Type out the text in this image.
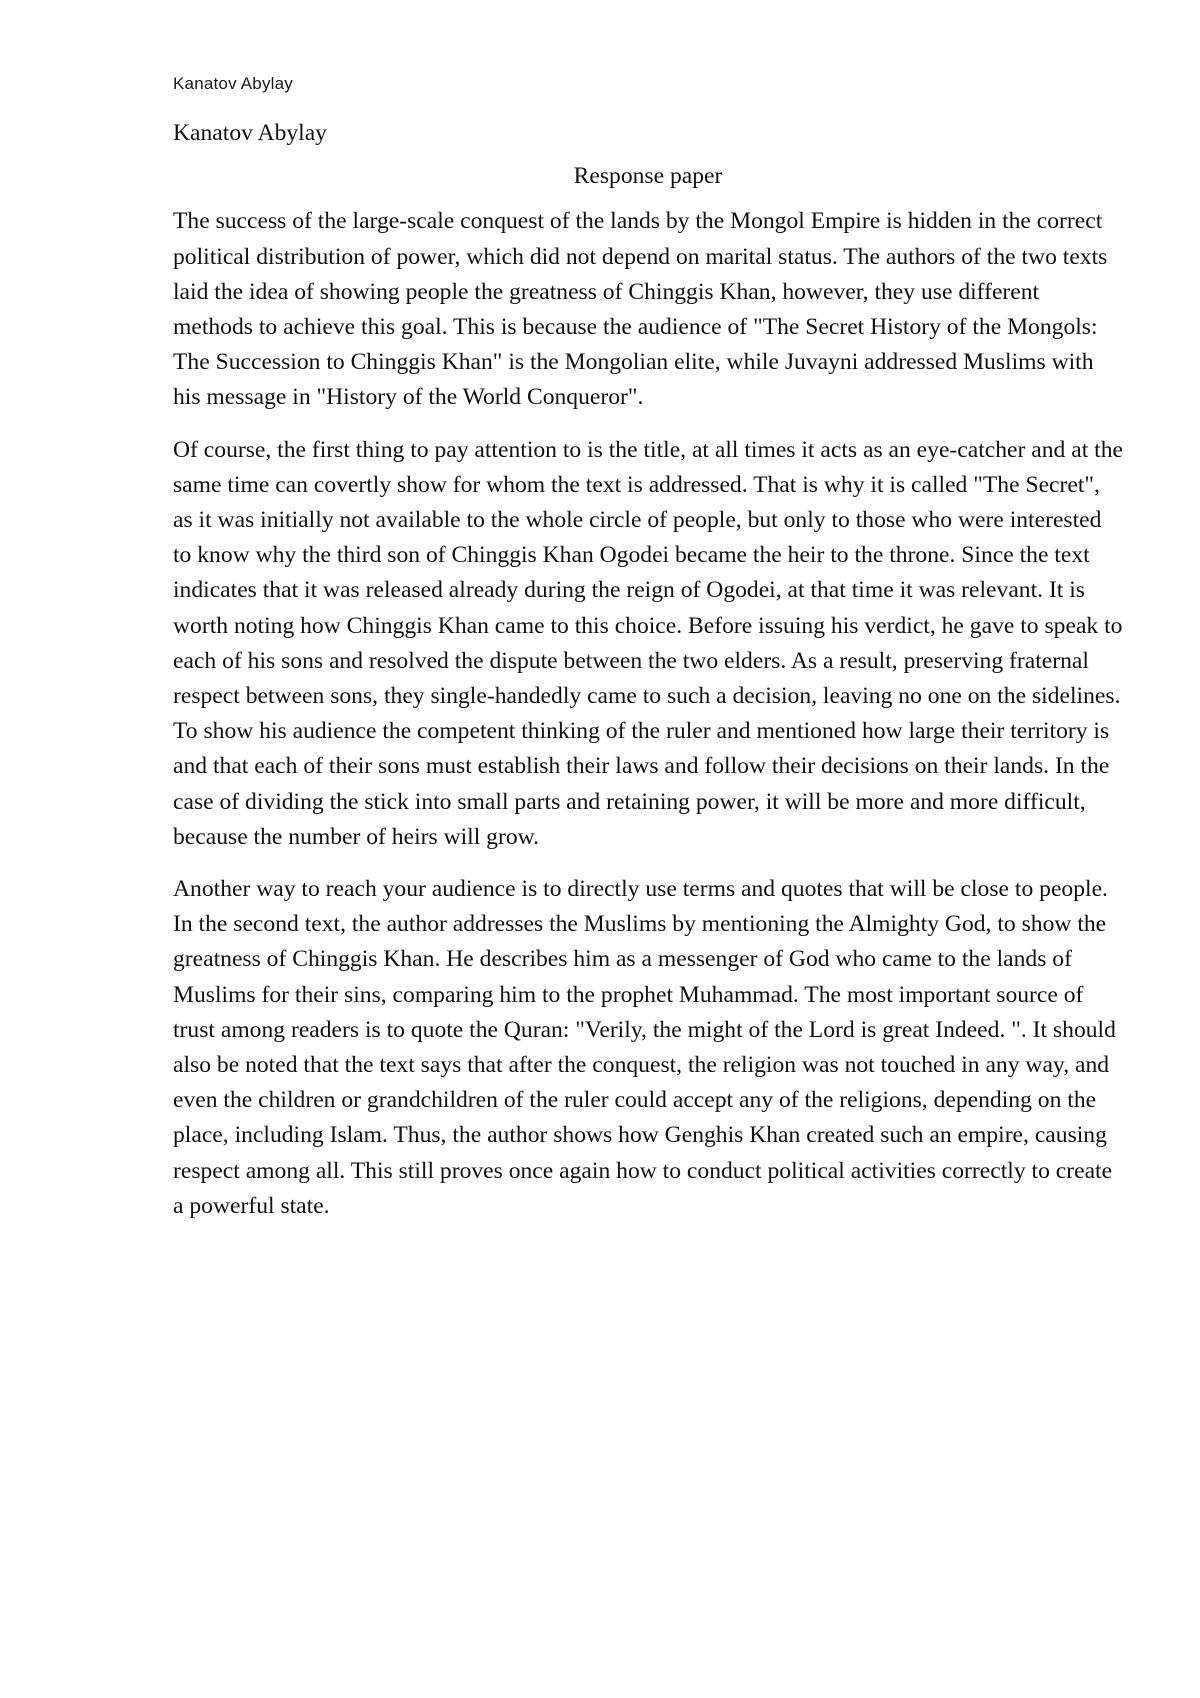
Kanatov Abylay

Kanatov Abylay

Response paper

The success of the large-scale conquest of the lands by the Mongol Empire is hidden in the correct political distribution of power, which did not depend on marital status. The authors of the two texts laid the idea of showing people the greatness of Chinggis Khan, however, they use different methods to achieve this goal. This is because the audience of "The Secret History of the Mongols: The Succession to Chinggis Khan" is the Mongolian elite, while Juvayni addressed Muslims with his message in "History of the World Conqueror".

Of course, the first thing to pay attention to is the title, at all times it acts as an eye-catcher and at the same time can covertly show for whom the text is addressed. That is why it is called "The Secret", as it was initially not available to the whole circle of people, but only to those who were interested to know why the third son of Chinggis Khan Ogodei became the heir to the throne. Since the text indicates that it was released already during the reign of Ogodei, at that time it was relevant. It is worth noting how Chinggis Khan came to this choice. Before issuing his verdict, he gave to speak to each of his sons and resolved the dispute between the two elders. As a result, preserving fraternal respect between sons, they single-handedly came to such a decision, leaving no one on the sidelines. To show his audience the competent thinking of the ruler and mentioned how large their territory is and that each of their sons must establish their laws and follow their decisions on their lands. In the case of dividing the stick into small parts and retaining power, it will be more and more difficult, because the number of heirs will grow.

Another way to reach your audience is to directly use terms and quotes that will be close to people. In the second text, the author addresses the Muslims by mentioning the Almighty God, to show the greatness of Chinggis Khan. He describes him as a messenger of God who came to the lands of Muslims for their sins, comparing him to the prophet Muhammad. The most important source of trust among readers is to quote the Quran: "Verily, the might of the Lord is great Indeed. ". It should also be noted that the text says that after the conquest, the religion was not touched in any way, and even the children or grandchildren of the ruler could accept any of the religions, depending on the place, including Islam. Thus, the author shows how Genghis Khan created such an empire, causing respect among all. This still proves once again how to conduct political activities correctly to create a powerful state.
